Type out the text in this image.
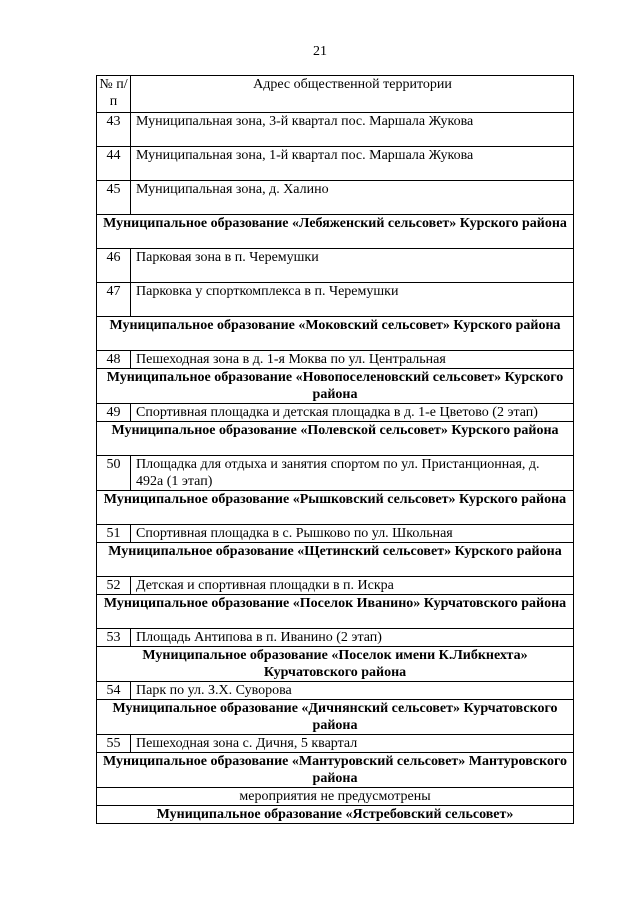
21
№ п/п	Адрес общественной территории
43	Муниципальная зона, 3-й квартал пос. Маршала Жукова
44	Муниципальная зона, 1-й квартал пос. Маршала Жукова
45	Муниципальная зона, д. Халино
Муниципальное образование «Лебяженский сельсовет» Курского района	
46	Парковая зона в п. Черемушки
47	Парковка у спорткомплекса в п. Черемушки
Муниципальное образование «Моковский сельсовет» Курского района	
48	Пешеходная зона в д. 1-я Моква по ул. Центральная
Муниципальное образование «Новопоселеновский сельсовет» Курского района	
49	Спортивная площадка и детская площадка в д. 1-е Цветово (2 этап)
Муниципальное образование «Полевской сельсовет» Курского района	
50	Площадка для отдыха и занятия спортом по ул. Пристанционная, д. 492а (1 этап)
Муниципальное образование «Рышковский сельсовет» Курского района	
51	Спортивная площадка в с. Рышково по ул. Школьная
Муниципальное образование «Щетинский сельсовет» Курского района	
52	Детская и спортивная площадки в п. Искра
Муниципальное образование «Поселок Иванино» Курчатовского района	
53	Площадь Антипова в п. Иванино (2 этап)
Муниципальное образование «Поселок имени К.Либкнехта» Курчатовского района	
54	Парк по ул. З.Х. Суворова
Муниципальное образование «Дичнянский сельсовет» Курчатовского района	
55	Пешеходная зона с. Дичня, 5 квартал
Муниципальное образование «Мантуровский сельсовет» Мантуровского района	
мероприятия не предусмотрены	
Муниципальное образование «Ястребовский сельсовет»	
